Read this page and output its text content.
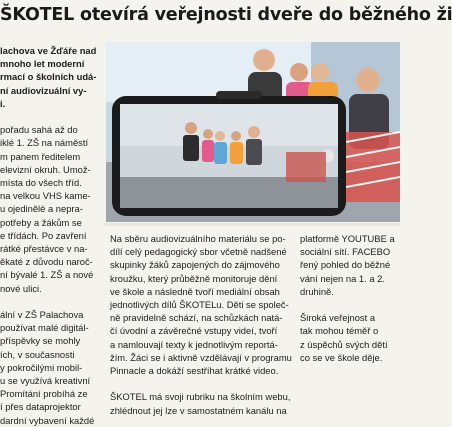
ŠKOTEL otevírá veřejnosti dveře do běžného ži

lachova ve Žďáře nad

mnoho let moderní

rmací o školních udá-

ní audiovizuální vy-

i.

pořadu sahá až do

iklé 1. ZŠ na náměstí

m panem ředitelem

elevizní okruh. Umož-

místa do všech tříd.

na velkou VHS kame-

u ojedinělé a nepra-

potřeby a žákům se

e třídách. Po zavření

rátké přestávce v na-

ěkaté z důvodu naroč-

ní bývalé 1. ZŠ a nové

nové ulici.

ální v ZŠ Palachova

používat malé digitál-

příspěvky se mohly

ích, v současnosti

y pokročilými mobil-

u se využívá kreativní

Promítání probíhá ze

í přes dataprojektor

dardní vybavení každé

Na sběru audiovizuálního materiálu se po-

dílí celý pedagogický sbor včetně nadšené

skupinky žáků zapojených do zájmového

kroužku, který průběžně monitoruje dění

ve škole a následně tvoří mediální obsah

jednotlivých dílů ŠKOTELu. Děti se společ-

ně pravidelně schází, na schůzkách natá-

čí úvodní a závěrečné vstupy videí, tvoří

a namlouvají texty k jednotlivým reportá-

žím. Žáci se i aktivně vzdělávají v programu

Pinnacle a dokáží sestříhat krátké video.

ŠKOTEL má svoji rubriku na školním webu,

zhlédnout jej lze v samostatném kanálu na

platformě YOUTUBE a

sociální sítí. FACEBO

řený pohled do běžné

vání nejen na 1. a 2.

druhině.

Široká veřejnost a

tak mohou téměř o

z úspěchů svých dětí

co se ve škole děje.
